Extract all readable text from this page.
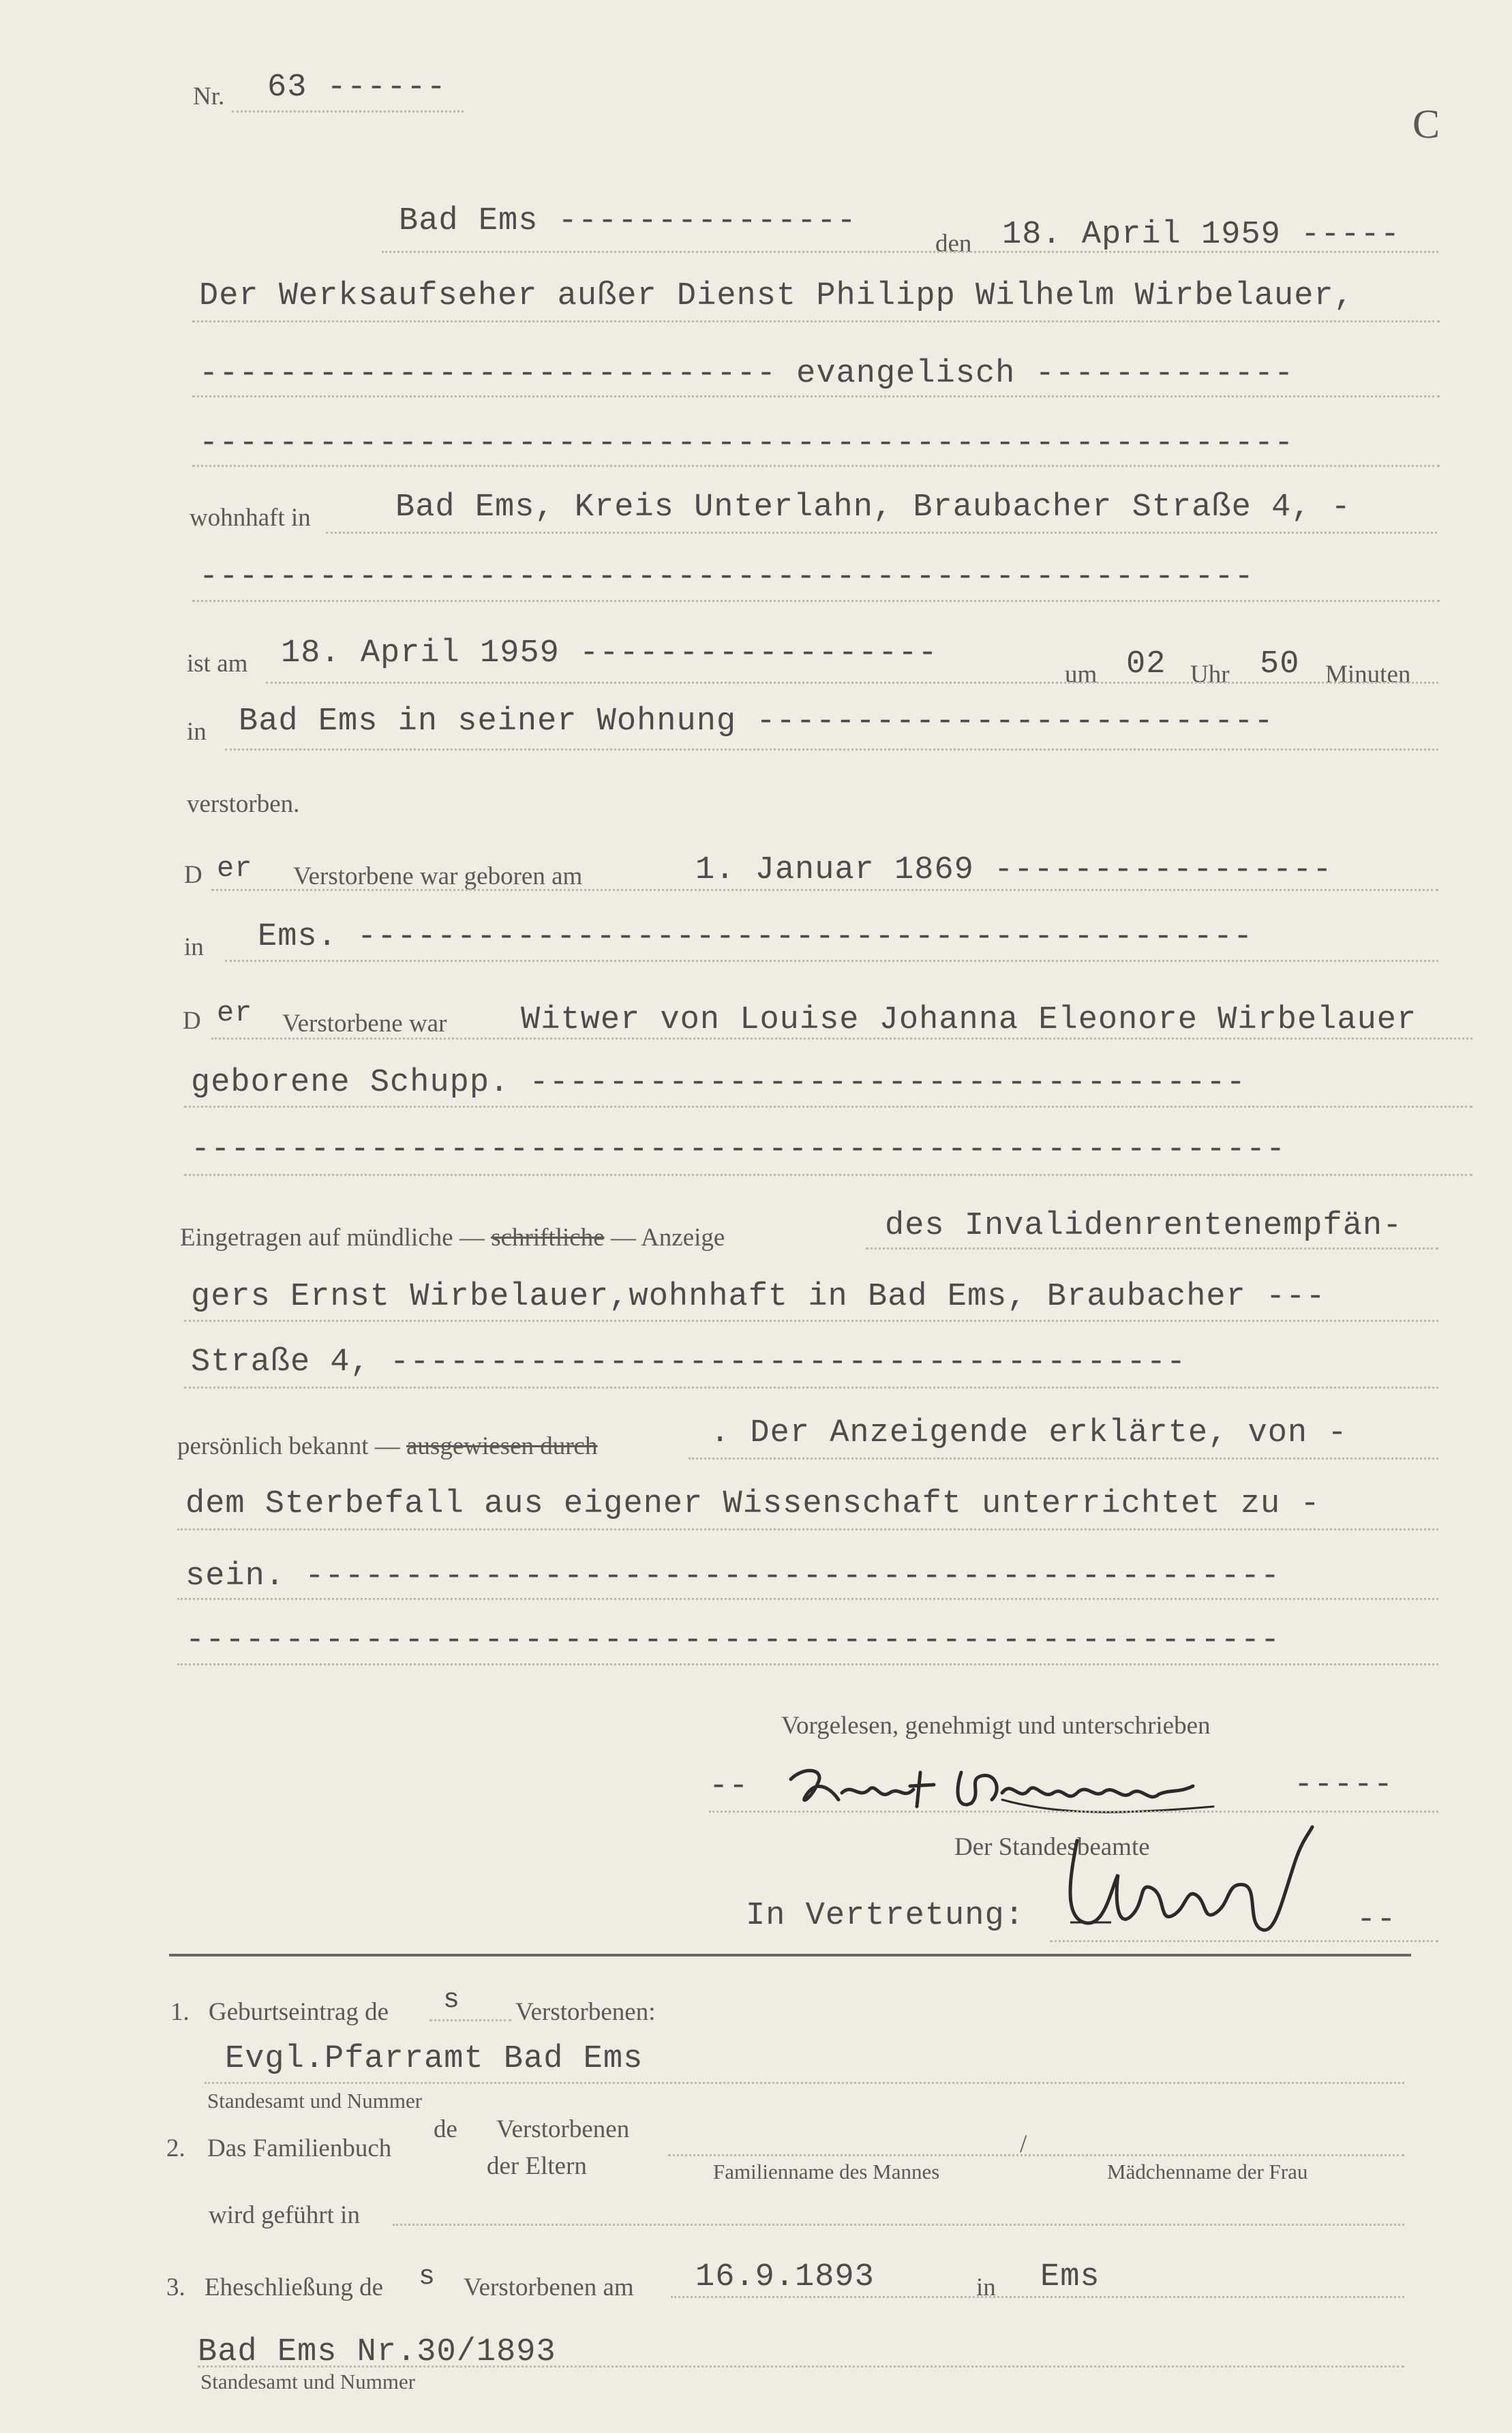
Nr. 63 ------
C
Bad Ems ---------------
den 18. April 1959 -----
Der Werksaufseher außer Dienst Philipp Wilhelm Wirbelauer,
----------------------------- evangelisch -------------
-------------------------------------------------------
wohnhaft in	Bad Ems, Kreis Unterlahn, Braubacher Straße 4, -
-----------------------------------------------------
ist am 18. April 1959 ------------------
um 02 Uhr 50 Minuten
in Bad Ems in seiner Wohnung --------------------------
verstorben.
D er Verstorbene war geboren am	1. Januar 1869 -----------------
in Ems. ---------------------------------------------
D er Verstorbene war Witwer von Louise Johanna Eleonore Wirbelauer
geborene Schupp. ------------------------------------
-------------------------------------------------------
Eingetragen auf mündliche — schriftliche — Anzeige	des Invalidenrentenempfän-
gers Ernst Wirbelauer,wohnhaft in Bad Ems, Braubacher ---
Straße 4, ----------------------------------------
persönlich bekannt — ausgewiesen durch	. Der Anzeigende erklärte, von -
dem Sterbefall aus eigener Wissenschaft unterrichtet zu -
sein. -------------------------------------------------
-------------------------------------------------------
Vorgelesen, genehmigt und unterschrieben
--	-----
Der Standesbeamte
In Vertretung:	--
1. Geburtseintrag de s Verstorbenen:
Evgl.Pfarramt Bad Ems
Standesamt und Nummer
2. Das Familienbuch
de Verstorbenen
der Eltern	Familienname des Mannes
/
Mädchenname der Frau
wird geführt in
3. Eheschließung de s Verstorbenen am 16.9.1893	in Ems
Bad Ems Nr.30/1893
Standesamt und Nummer
